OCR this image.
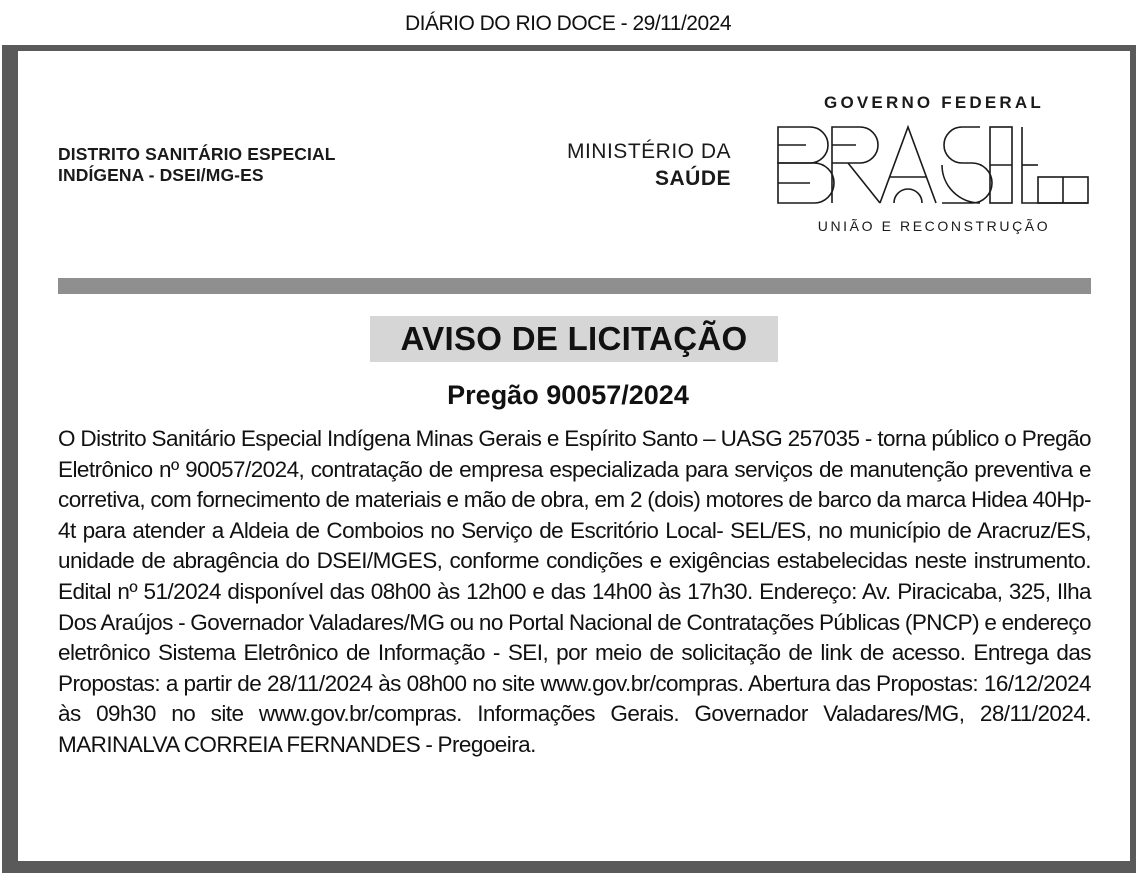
DIÁRIO DO RIO DOCE - 29/11/2024
DISTRITO SANITÁRIO ESPECIAL
INDÍGENA - DSEI/MG-ES
MINISTÉRIO DA
SAÚDE
GOVERNO FEDERAL
UNIÃO E RECONSTRUÇÃO
AVISO DE LICITAÇÃO
Pregão 90057/2024

O Distrito Sanitário Especial Indígena Minas Gerais e Espírito Santo – UASG 257035 - torna público o Pregão Eletrônico nº 90057/2024, contratação de empresa especializada para serviços de manutenção preventiva e corretiva, com fornecimento de materiais e mão de obra, em 2 (dois) motores de barco da marca Hidea 40Hp-4t para atender a Aldeia de Comboios no Serviço de Escritório Local- SEL/ES, no município de Aracruz/ES, unidade de abragência do DSEI/MGES, conforme condições e exigências estabelecidas neste instrumento. Edital nº 51/2024 disponível das 08h00 às 12h00 e das 14h00 às 17h30. Endereço: Av. Piracicaba, 325, Ilha Dos Araújos - Governador Valadares/MG ou no Portal Nacional de Contratações Públicas (PNCP) e endereço eletrônico Sistema Eletrônico de Informação - SEI, por meio de solicitação de link de acesso. Entrega das Propostas: a partir de 28/11/2024 às 08h00 no site www.gov.br/compras. Abertura das Propostas: 16/12/2024 às 09h30 no site www.gov.br/compras. Informações Gerais. Governador Valadares/MG, 28/11/2024. MARINALVA CORREIA FERNANDES - Pregoeira.
